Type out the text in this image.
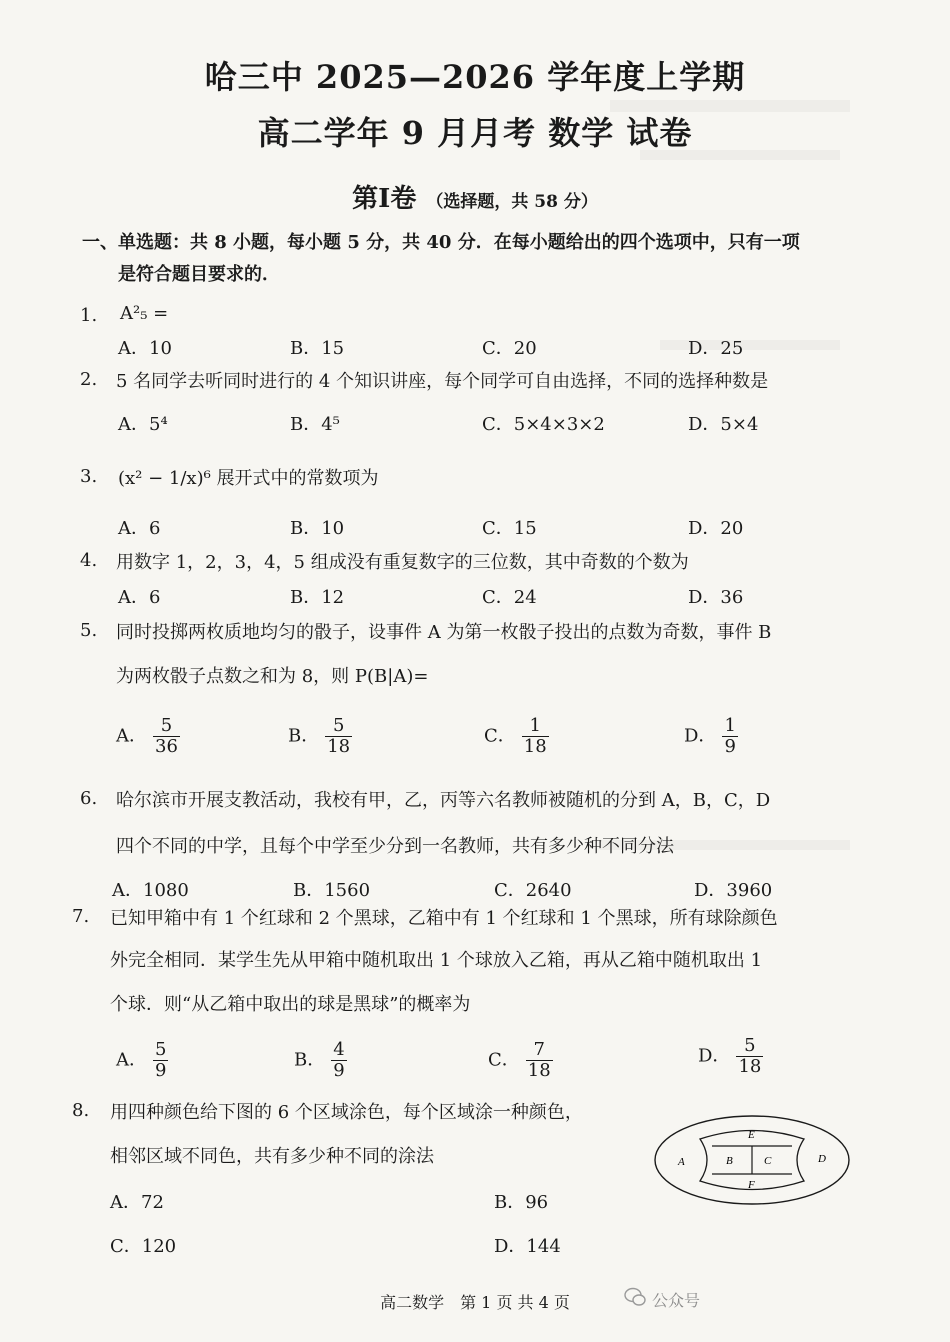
哈三中 2025—2026 学年度上学期
高二学年 9 月月考 数学 试卷
第Ⅰ卷 （选择题，共 58 分）
一、单选题：共 8 小题，每小题 5 分，共 40 分．在每小题给出的四个选项中，只有一项
是符合题目要求的．
1. A²₅ =
A．10	B．15	C．20	D．25
2. 5 名同学去听同时进行的 4 个知识讲座，每个同学可自由选择，不同的选择种数是
A．5⁴	B．4⁵	C．5×4×3×2	D．5×4
3. (x² − 1/x)⁶ 展开式中的常数项为
A．6	B．10	C．15	D．20
4. 用数字 1，2，3，4，5 组成没有重复数字的三位数，其中奇数的个数为
A．6	B．12	C．24	D．36
5. 同时投掷两枚质地均匀的骰子，设事件 A 为第一枚骰子投出的点数为奇数，事件 B
为两枚骰子点数之和为 8，则 P(B|A)=
A． $\frac{5}{36}$	B． $\frac{5}{18}$	C． $\frac{1}{18}$	D． $\frac{1}{9}$
6. 哈尔滨市开展支教活动，我校有甲，乙，丙等六名教师被随机的分到 A，B，C，D
四个不同的中学，且每个中学至少分到一名教师，共有多少种不同分法
A．1080	B．1560	C．2640	D．3960
7. 已知甲箱中有 1 个红球和 2 个黑球，乙箱中有 1 个红球和 1 个黑球，所有球除颜色
外完全相同．某学生先从甲箱中随机取出 1 个球放入乙箱，再从乙箱中随机取出 1
个球．则“从乙箱中取出的球是黑球”的概率为
A． $\frac{5}{9}$	B． $\frac{4}{9}$	C． $\frac{7}{18}$	D． $\frac{5}{18}$
8. 用四种颜色给下图的 6 个区域涂色，每个区域涂一种颜色，
相邻区域不同色，共有多少种不同的涂法
A．72	B．96
C．120	D．144
A	B	C	D
E
F
高二数学　第 1 页 共 4 页	公众号
